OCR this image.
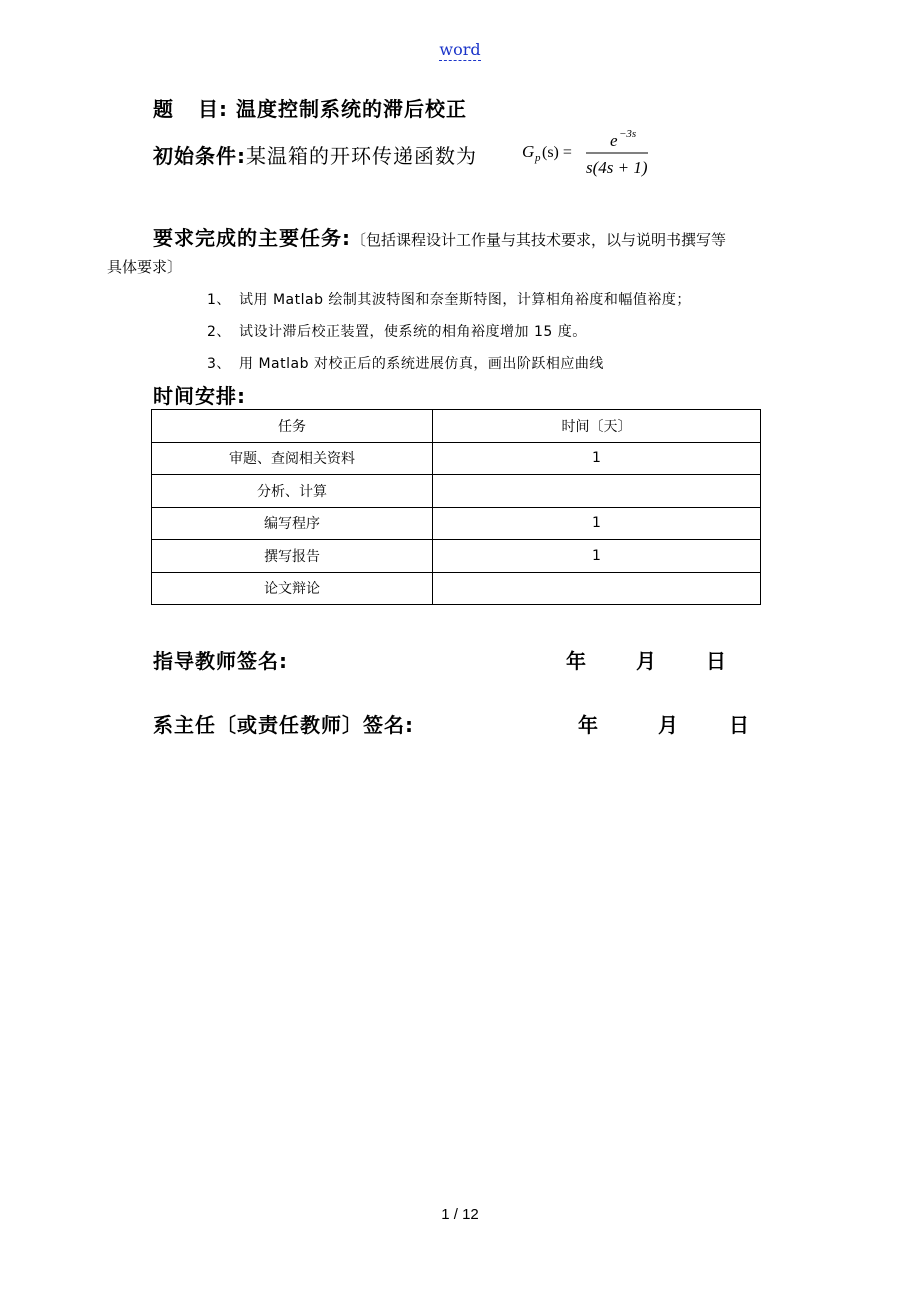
word
题 目: 温度控制系统的滞后校正
初始条件:某温箱的开环传递函数为	G p (s) =
e −3s
s(4s + 1)
要求完成的主要任务:〔包括课程设计工作量与其技术要求，以与说明书撰写等
具体要求〕
1、 试用 Matlab 绘制其波特图和奈奎斯特图，计算相角裕度和幅值裕度；
2、 试设计滞后校正装置，使系统的相角裕度增加 15 度。
3、 用 Matlab 对校正后的系统进展仿真，画出阶跃相应曲线
时间安排:
任务	时间〔天〕
审题、查阅相关资料	1
分析、计算	
编写程序	1
撰写报告	1
论文辩论	
指导教师签名:	年 月 日
系主任〔或责任教师〕签名:	年	月	日
1 / 12
